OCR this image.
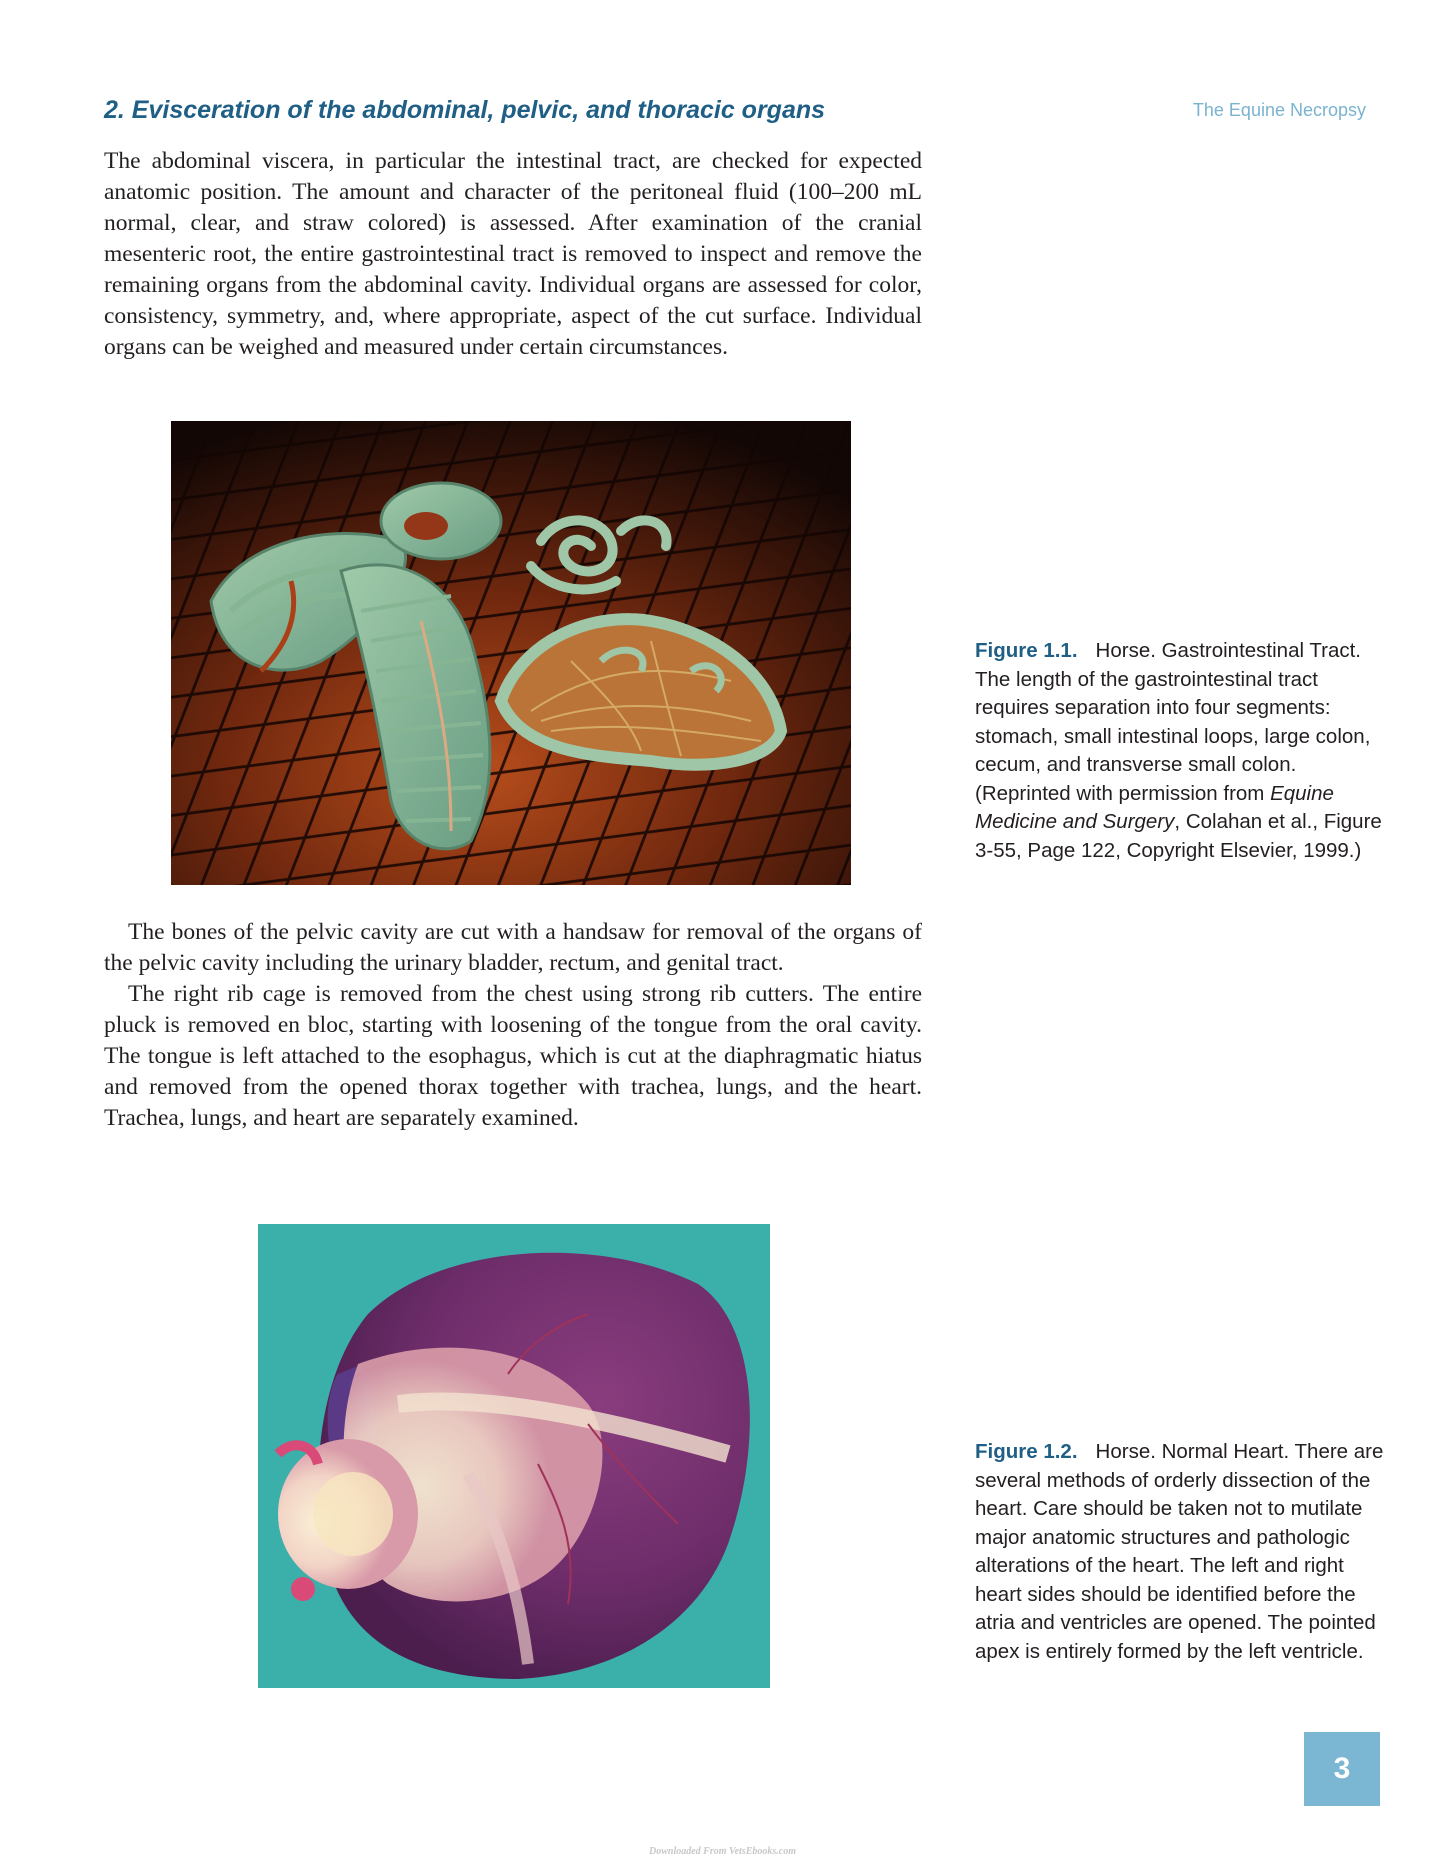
2. Evisceration of the abdominal, pelvic, and thoracic organs	The Equine Necropsy

The abdominal viscera, in particular the intestinal tract, are checked for expected anatomic position. The amount and character of the peritoneal fluid (100–200 mL normal, clear, and straw colored) is assessed. After examination of the cranial mesenteric root, the entire gastrointestinal tract is removed to inspect and remove the remaining organs from the abdominal cavity. Individual organs are assessed for color, consistency, symmetry, and, where appropriate, aspect of the cut surface. Individual organs can be weighed and measured under certain circumstances.

Figure 1.1. Horse. Gastrointestinal Tract. The length of the gastrointestinal tract requires separation into four segments: stomach, small intestinal loops, large colon, cecum, and transverse small colon. (Reprinted with permission from Equine Medicine and Surgery, Colahan et al., Figure 3-55, Page 122, Copyright Elsevier, 1999.)

The bones of the pelvic cavity are cut with a handsaw for removal of the organs of the pelvic cavity including the urinary bladder, rectum, and genital tract.

The right rib cage is removed from the chest using strong rib cutters. The entire pluck is removed en bloc, starting with loosening of the tongue from the oral cavity. The tongue is left attached to the esophagus, which is cut at the diaphragmatic hiatus and removed from the opened thorax together with trachea, lungs, and the heart. Trachea, lungs, and heart are separately examined.

Figure 1.2. Horse. Normal Heart. There are several methods of orderly dissection of the heart. Care should be taken not to mutilate major anatomic structures and pathologic alterations of the heart. The left and right heart sides should be identified before the atria and ventricles are opened. The pointed apex is entirely formed by the left ventricle.

3
Downloaded From VetsEbooks.com
